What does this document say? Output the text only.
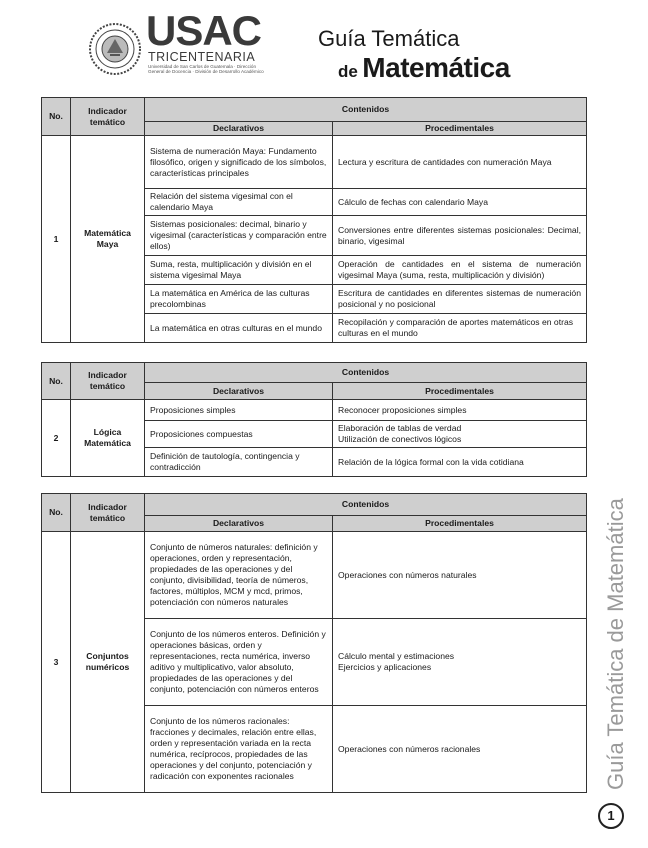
USAC
TRICENTENARIA
Universidad de San Carlos de Guatemala · Dirección General de Docencia · División de Desarrollo Académico
Guía Temática
de Matemática
No.	Indicador temático	Contenidos	
		Declarativos	Procedimentales
1	Matemática Maya	Sistema de numeración Maya: Fundamento filosófico, origen y significado de los símbolos, características principales	Lectura y escritura de cantidades con numeración Maya
		Relación del sistema vigesimal con el calendario Maya	Cálculo de fechas con calendario Maya
		Sistemas posicionales: decimal, binario y vigesimal (características y comparación entre ellos)	Conversiones entre diferentes sistemas posicionales: Decimal, binario, vigesimal
		Suma, resta, multiplicación y división en el sistema vigesimal Maya	Operación de cantidades en el sistema de numeración vigesimal Maya (suma, resta, multiplicación y división)
		La matemática en América de las culturas precolombinas	Escritura de cantidades en diferentes sistemas de numeración posicional y no posicional
		La matemática en otras culturas en el mundo	Recopilación y comparación de aportes matemáticos en otras culturas en el mundo
No.	Indicador temático	Contenidos	
		Declarativos	Procedimentales
2	Lógica Matemática	Proposiciones simples	Reconocer proposiciones simples
		Proposiciones compuestas	Elaboración de tablas de verdad
Utilización de conectivos lógicos
		Definición de tautología, contingencia y contradicción	Relación de la lógica formal con la vida cotidiana
No.	Indicador temático	Contenidos	
		Declarativos	Procedimentales
3	Conjuntos numéricos	Conjunto de números naturales: definición y operaciones, orden y representación, propiedades de las operaciones y del conjunto, divisibilidad, teoría de números, factores, múltiplos, MCM y mcd, primos, potenciación con números naturales	Operaciones con números naturales
		Conjunto de los números enteros. Definición y operaciones básicas, orden y representaciones, recta numérica, inverso aditivo y multiplicativo, valor absoluto, propiedades de las operaciones y del conjunto, potenciación con números enteros	Cálculo mental y estimaciones
Ejercicios y aplicaciones
		Conjunto de los números racionales: fracciones y decimales, relación entre ellas, orden y representación variada en la recta numérica, recíprocos, propiedades de las operaciones y del conjunto, potenciación y radicación con exponentes racionales	Operaciones con números racionales	Guía Temática de Matemática
1
